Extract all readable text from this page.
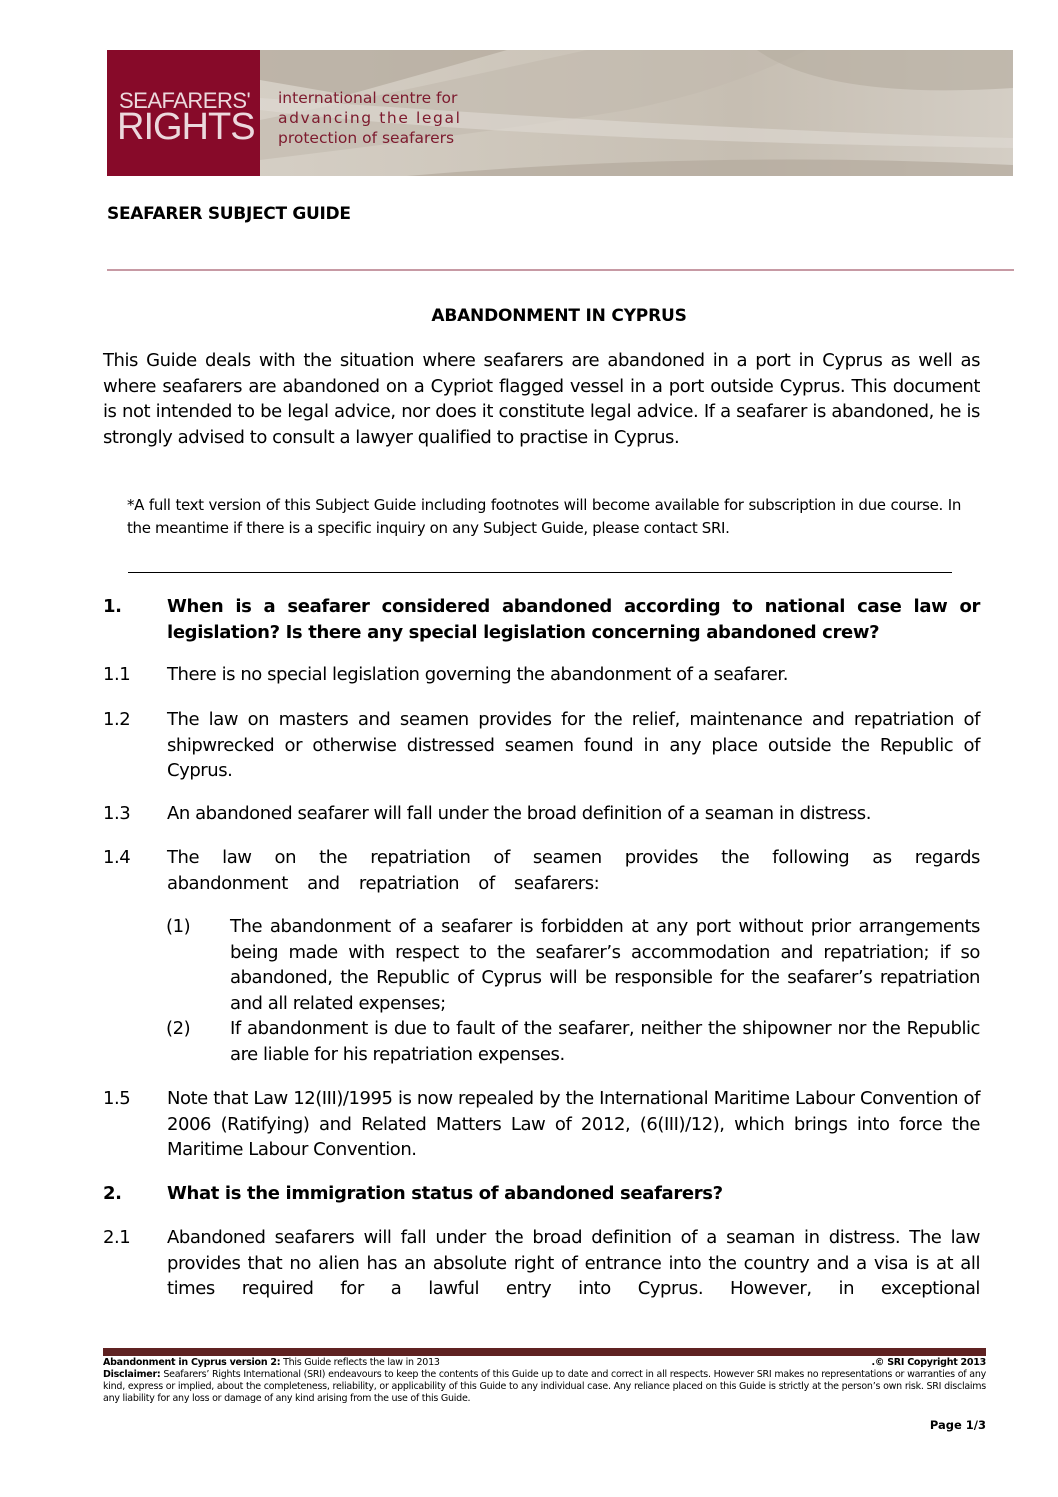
SEAFARERS'
RIGHTS
international centre for
advancing the legal
protection of seafarers
SEAFARER SUBJECT GUIDE
ABANDONMENT IN CYPRUS
This Guide deals with the situation where seafarers are abandoned in a port in Cyprus as well as where seafarers are abandoned on a Cypriot flagged vessel in a port outside Cyprus. This document is not intended to be legal advice, nor does it constitute legal advice. If a seafarer is abandoned, he is strongly advised to consult a lawyer qualified to practise in Cyprus.
*A full text version of this Subject Guide including footnotes will become available for subscription in due course. In the meantime if there is a specific inquiry on any Subject Guide, please contact SRI.
1.	When is a seafarer considered abandoned according to national case law or legislation? Is there any special legislation concerning abandoned crew?
1.1 There is no special legislation governing the abandonment of a seafarer.
1.2 The law on masters and seamen provides for the relief, maintenance and repatriation of shipwrecked or otherwise distressed seamen found in any place outside the Republic of Cyprus.
1.3 An abandoned seafarer will fall under the broad definition of a seaman in distress.
1.4 The law on the repatriation of seamen provides the following as regards abandonment and repatriation of seafarers:
(1) The abandonment of a seafarer is forbidden at any port without prior arrangements being made with respect to the seafarer’s accommodation and repatriation; if so abandoned, the Republic of Cyprus will be responsible for the seafarer’s repatriation and all related expenses;
(2) If abandonment is due to fault of the seafarer, neither the shipowner nor the Republic are liable for his repatriation expenses.
1.5 Note that Law 12(III)/1995 is now repealed by the International Maritime Labour Convention of 2006 (Ratifying) and Related Matters Law of 2012, (6(III)/12), which brings into force the Maritime Labour Convention.
2.	What is the immigration status of abandoned seafarers?
2.1 Abandoned seafarers will fall under the broad definition of a seaman in distress. The law provides that no alien has an absolute right of entrance into the country and a visa is at all times required for a lawful entry into Cyprus. However, in exceptional
Abandonment in Cyprus version 2: This Guide reflects the law in 2013	.© SRI Copyright 2013
Disclaimer: Seafarers’ Rights International (SRI) endeavours to keep the contents of this Guide up to date and correct in all respects. However SRI makes no representations or warranties of any kind, express or implied, about the completeness, reliability, or applicability of this Guide to any individual case. Any reliance placed on this Guide is strictly at the person’s own risk. SRI disclaims any liability for any loss or damage of any kind arising from the use of this Guide.
Page 1/3
